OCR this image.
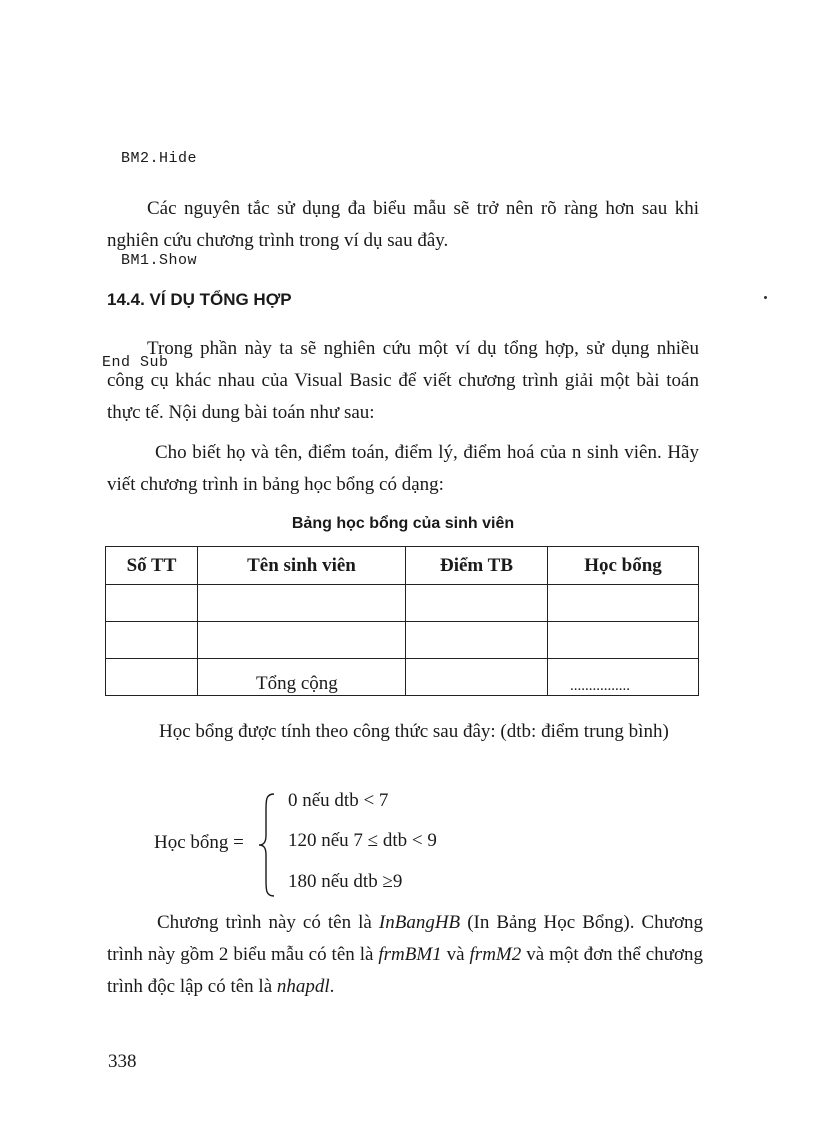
BM2.Hide

BM1.Show

End Sub

Các nguyên tắc sử dụng đa biểu mẫu sẽ trở nên rõ ràng hơn sau khi nghiên cứu chương trình trong ví dụ sau đây.
14.4. VÍ DỤ TỔNG HỢP
Trong phần này ta sẽ nghiên cứu một ví dụ tổng hợp, sử dụng nhiều công cụ khác nhau của Visual Basic để viết chương trình giải một bài toán thực tế. Nội dung bài toán như sau:
Cho biết họ và tên, điểm toán, điểm lý, điểm hoá của n sinh viên. Hãy viết chương trình in bảng học bổng có dạng:
Bảng học bổng của sinh viên
Số TT	Tên sinh viên	Điểm TB	Học bổng

	Tổng cộng		................
Học bổng được tính theo công thức sau đây: (dtb: điểm trung bình)
Học bổng =
0 nếu dtb < 7
120 nếu 7 ≤ dtb < 9
180 nếu dtb ≥9
Chương trình này có tên là InBangHB (In Bảng Học Bổng). Chương trình này gồm 2 biểu mẫu có tên là frmBM1 và frmM2 và một đơn thể chương trình độc lập có tên là nhapdl.
338
